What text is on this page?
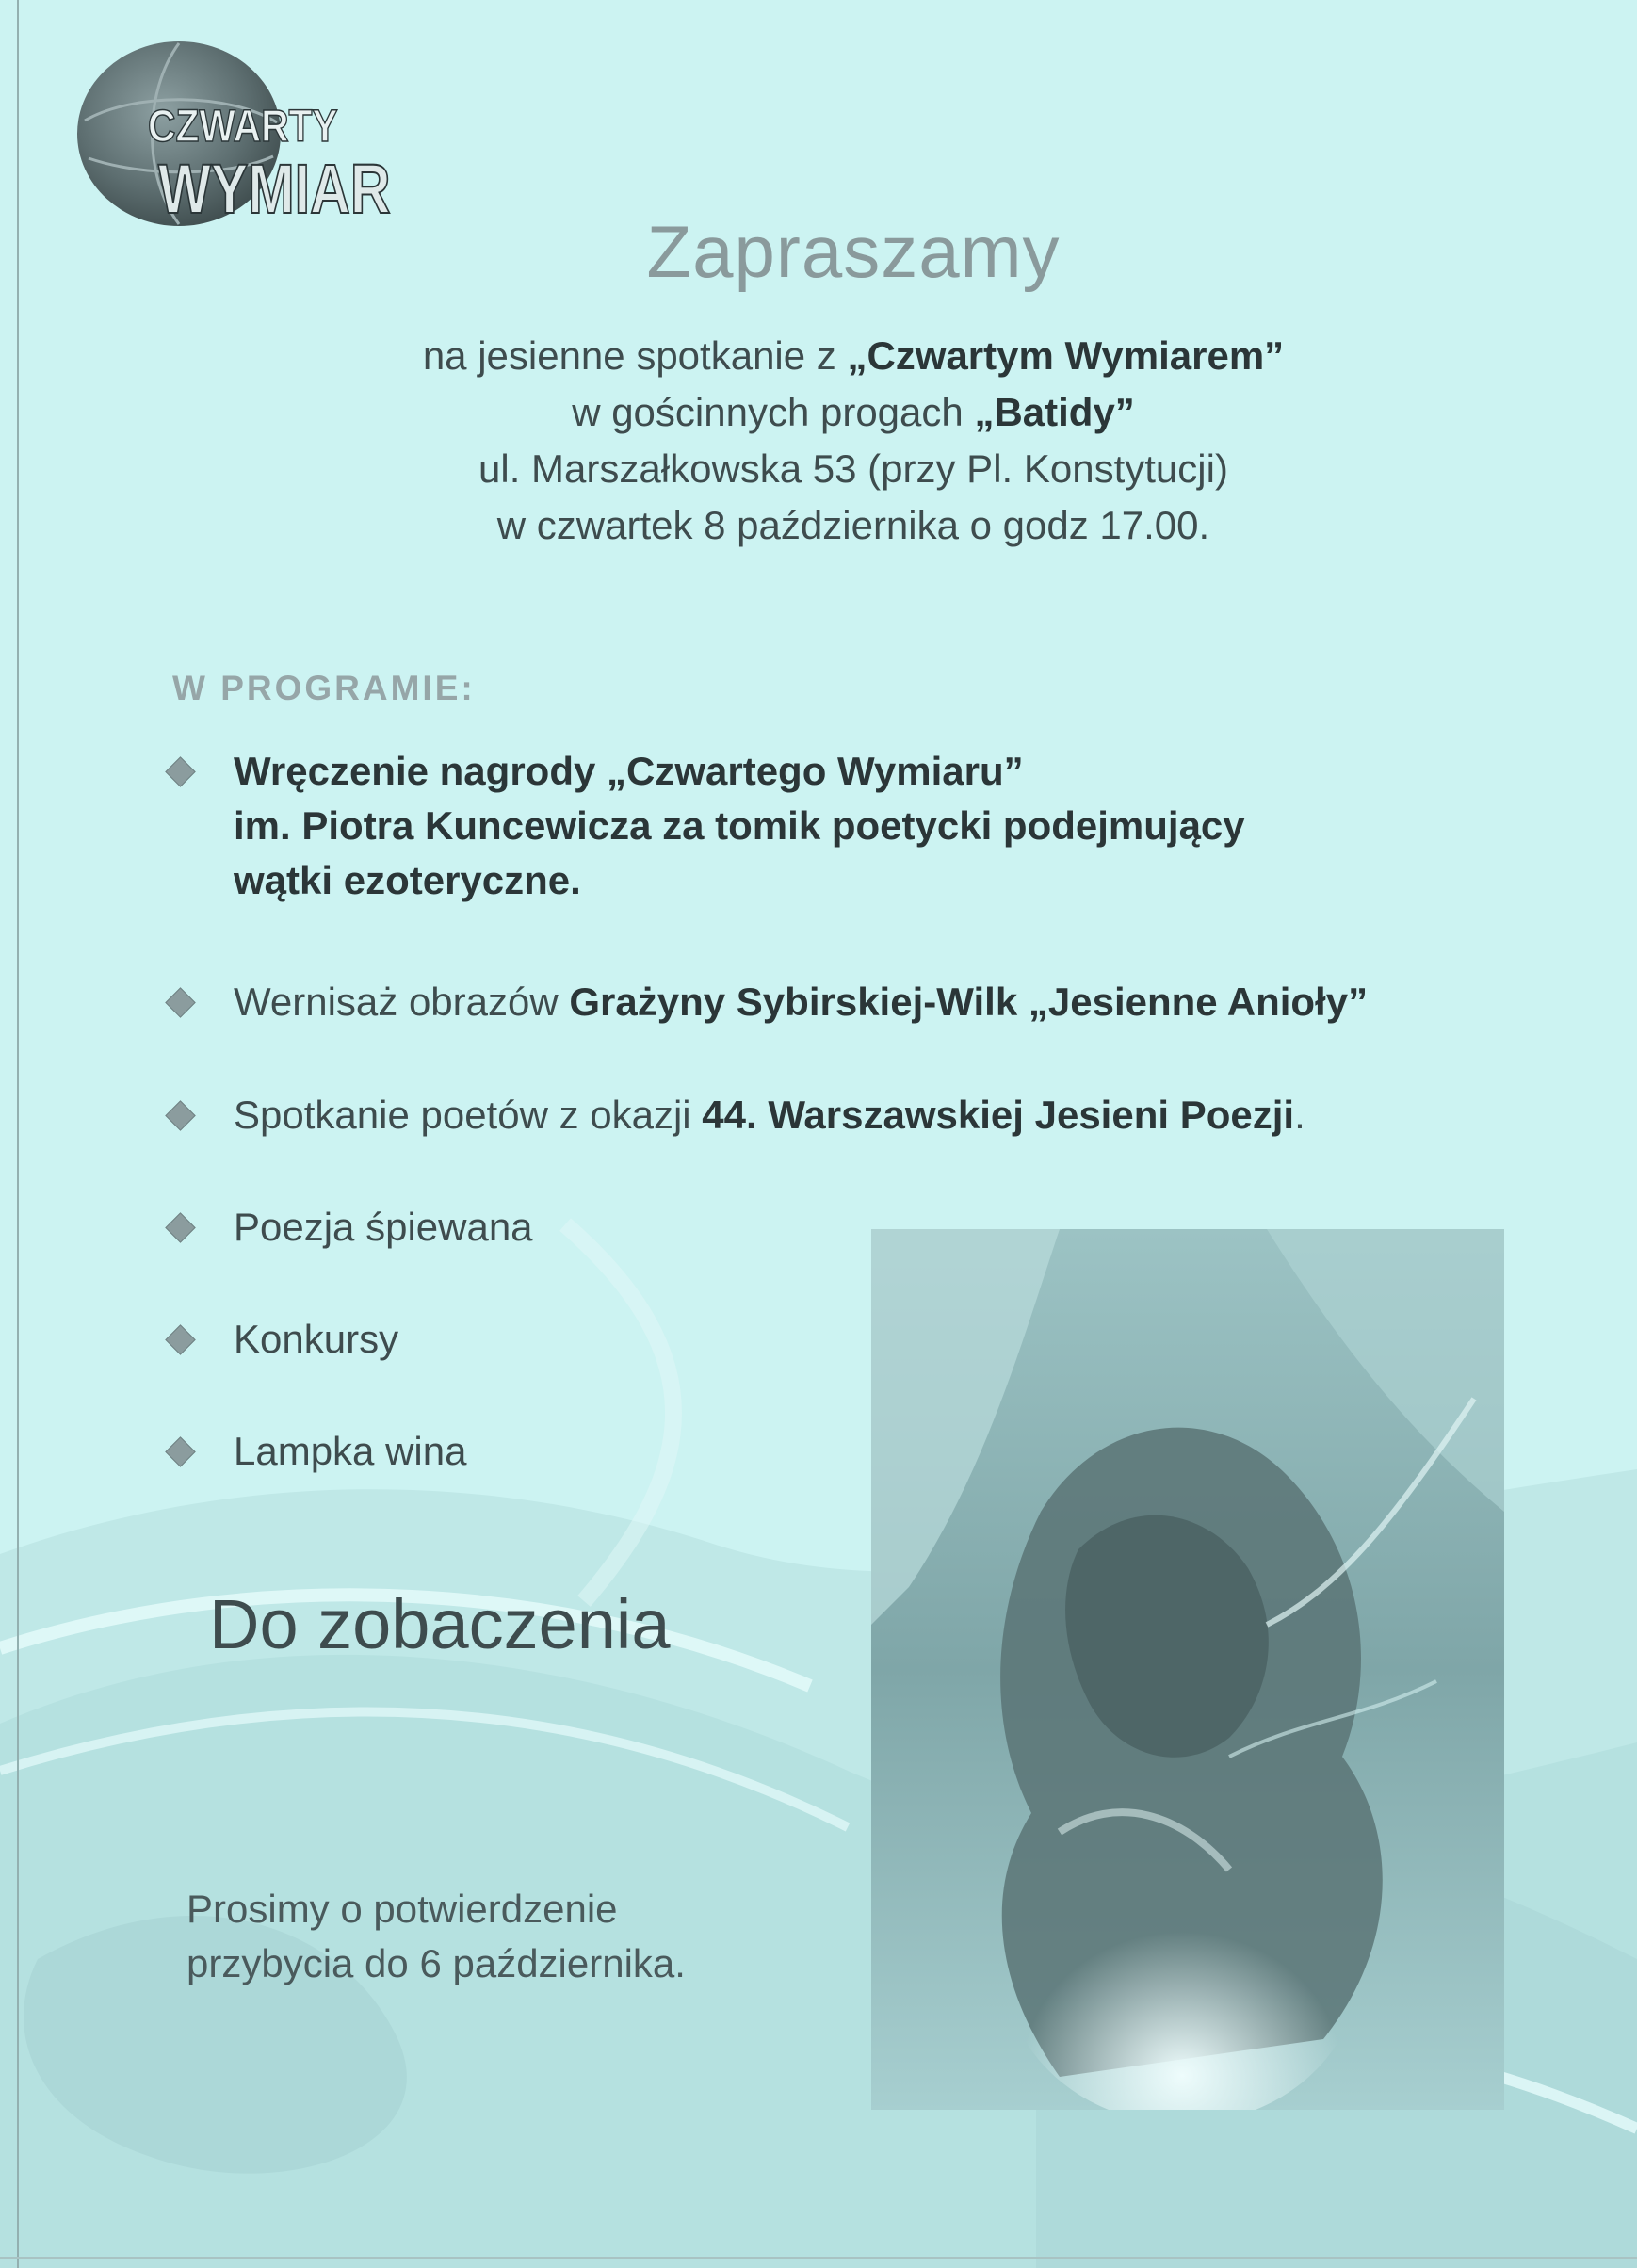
CZWARTY
WYMIAR
Zapraszamy
na jesienne spotkanie z „Czwartym Wymiarem”
w gościnnych progach „Batidy”
ul. Marszałkowska 53 (przy Pl. Konstytucji)
w czwartek 8 października o godz 17.00.
W PROGRAMIE:
Wręczenie nagrody „Czwartego Wymiaru”
im. Piotra Kuncewicza za tomik poetycki podejmujący
wątki ezoteryczne.
Wernisaż obrazów Grażyny Sybirskiej-Wilk „Jesienne Anioły”
Spotkanie poetów z okazji 44. Warszawskiej Jesieni Poezji.
Poezja śpiewana
Konkursy
Lampka wina
Do zobaczenia
Prosimy o potwierdzenie
przybycia do 6 października.
